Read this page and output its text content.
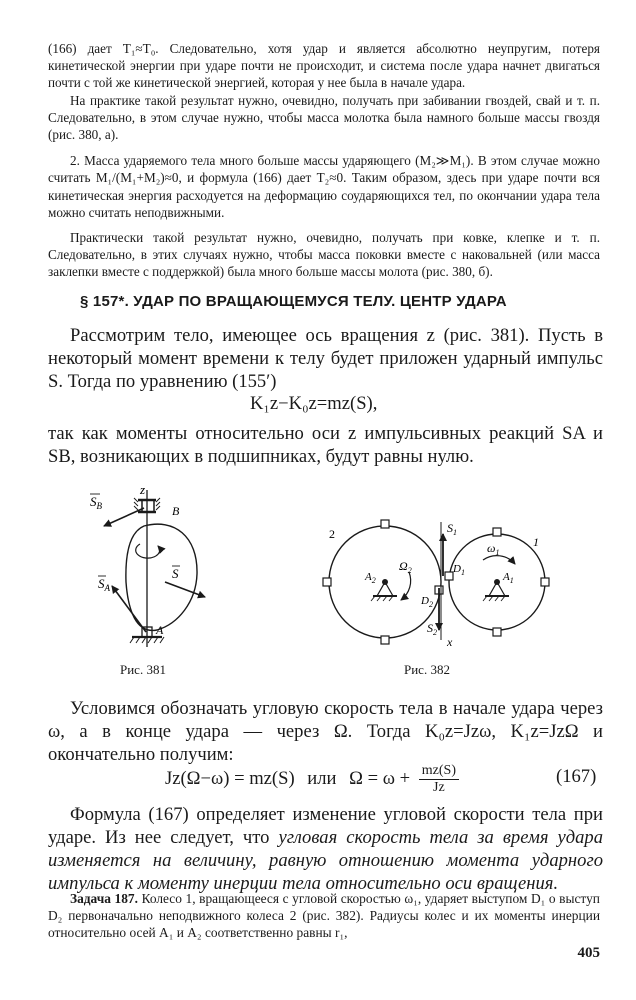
(166) дает T₁≈T₀. Следовательно, хотя удар и является абсолютно неупругим, потеря кинетической энергии при ударе почти не происходит, и система после удара начнет двигаться почти с той же кинетической энергией, которая у нее была в начале удара.

На практике такой результат нужно, очевидно, получать при забивании гвоздей, свай и т. п. Следовательно, в этом случае нужно, чтобы масса молотка была намного больше массы гвоздя (рис. 380, а).

2. Масса ударяемого тела много больше массы ударяющего (M₂≫M₁). В этом случае можно считать M₁/(M₁+M₂)≈0, и формула (166) дает T₂≈0. Таким образом, здесь при ударе почти вся кинетическая энергия расходуется на деформацию соударяющихся тел, по окончании удара тела можно считать неподвижными.

Практически такой результат нужно, очевидно, получать при ковке, клепке и т. п. Следовательно, в этих случаях нужно, чтобы масса поковки вместе с наковальней (или масса заклепки вместе с поддержкой) была много больше массы молота (рис. 380, б).

§ 157*. УДАР ПО ВРАЩАЮЩЕМУСЯ ТЕЛУ. ЦЕНТР УДАРА

Рассмотрим тело, имеющее ось вращения z (рис. 381). Пусть в некоторый момент времени к телу будет приложен ударный импульс S. Тогда по уравнению (155′)

K₁z−K₀z=mz(S),

так как моменты относительно оси z импульсивных реакций SA и SB, возникающих в подшипниках, будут равны нулю.

z
B
$S_B$
S
A
$S_A$
Рис. 381
2
1
$S_1$
$S_2$
x
$A_2$	$A_1$
$D_1$
$D_2$
$\Omega_2$
$\omega_1$
Рис. 382

Условимся обозначать угловую скорость тела в начале удара через ω, а в конце удара — через Ω. Тогда K₀z=Jzω, K₁z=JzΩ и окончательно получим:

Jz(Ω−ω) = mz(S) или $\Omega = \omega + \frac{mz(S)}{Jz}$	(167)

Формула (167) определяет изменение угловой скорости тела при ударе. Из нее следует, что угловая скорость тела за время удара изменяется на величину, равную отношению момента ударного импульса к моменту инерции тела относительно оси вращения.

Задача 187. Колесо 1, вращающееся с угловой скоростью ω₁, ударяет выступом D₁ о выступ D₂ первоначально неподвижного колеса 2 (рис. 382). Радиусы колес и их моменты инерции относительно осей A₁ и A₂ соответственно равны r₁,

405
